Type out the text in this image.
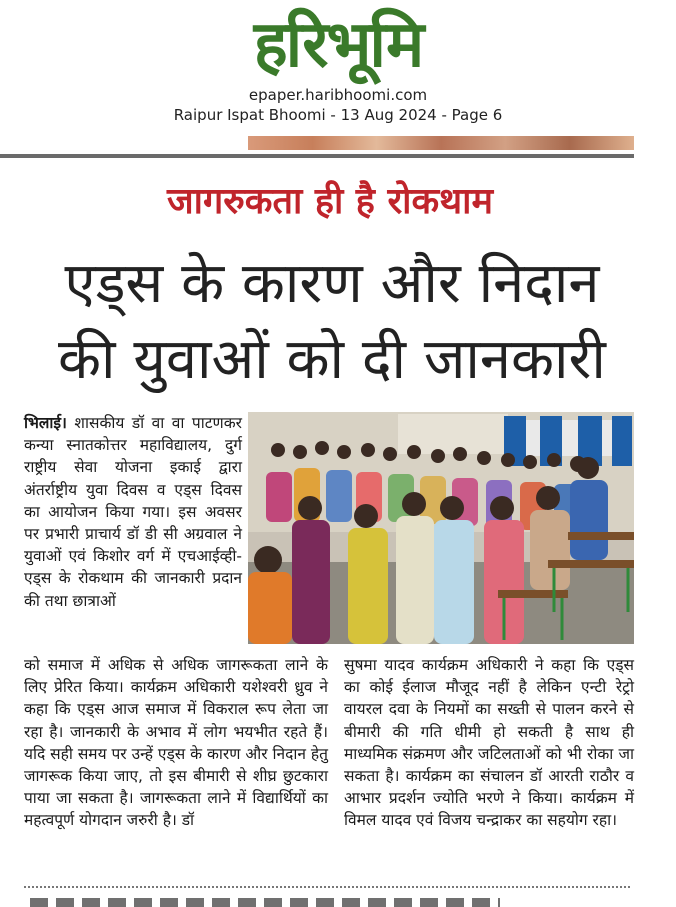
हरिभूमि
epaper.haribhoomi.com
Raipur Ispat Bhoomi - 13 Aug 2024 - Page 6
जागरुकता ही है रोकथाम
एड्स के कारण और निदान
की युवाओं को दी जानकारी
भिलाई। शासकीय डॉ वा वा पाटणकर कन्या स्नातकोत्तर महाविद्यालय, दुर्ग राष्ट्रीय सेवा योजना इकाई द्वारा अंतर्राष्ट्रीय युवा दिवस व एड्स दिवस का आयोजन किया गया। इस अवसर पर प्रभारी प्राचार्य डॉ डी सी अग्रवाल ने युवाओं एवं किशोर वर्ग में एचआईव्ही-एड्स के रोकथाम की जानकारी प्रदान की तथा छात्राओं
को समाज में अधिक से अधिक जागरूकता लाने के लिए प्रेरित किया। कार्यक्रम अधिकारी यशेश्वरी ध्रुव ने कहा कि एड्स आज समाज में विकराल रूप लेता जा रहा है। जानकारी के अभाव में लोग भयभीत रहते हैं। यदि सही समय पर उन्हें एड्स के कारण और निदान हेतु जागरूक किया जाए, तो इस बीमारी से शीघ्र छुटकारा पाया जा सकता है। जागरूकता लाने में विद्यार्थियों का महत्वपूर्ण योगदान जरुरी है। डॉ
सुषमा यादव कार्यक्रम अधिकारी ने कहा कि एड्स का कोई ईलाज मौजूद नहीं है लेकिन एन्टी रेट्रो वायरल दवा के नियमों का सख्ती से पालन करने से बीमारी की गति धीमी हो सकती है साथ ही माध्यमिक संक्रमण और जटिलताओं को भी रोका जा सकता है। कार्यक्रम का संचालन डॉ आरती राठौर व आभार प्रदर्शन ज्योति भरणे ने किया। कार्यक्रम में विमल यादव एवं विजय चन्द्राकर का सहयोग रहा।
